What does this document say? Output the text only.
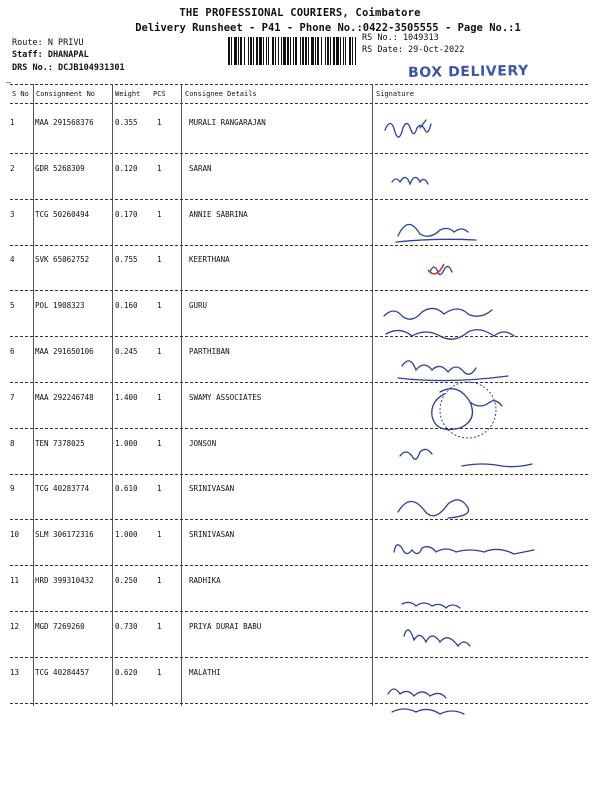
THE PROFESSIONAL COURIERS, Coimbatore
Delivery Runsheet - P41 - Phone No.:0422-3505555 - Page No.:1
Route: N PRIVU
Staff: DHANAPAL
DRS No.: DCJB104931301
RS No.: 1049313
RS Date: 29-Oct-2022
BOX DELIVERY
—
S No Consignment No	Weight PCS	Consignee Details	Signature
1	MAA 291568376	0.355	1	MURALI RANGARAJAN
2	GDR 5268309	0.120	1	SARAN
3	TCG 50260494	0.170	1	ANNIE SABRINA
4	SVK 65062752	0.755	1	KEERTHANA
5	POL 1908323	0.160	1	GURU
6	MAA 291650106	0.245	1	PARTHIBAN
7	MAA 292246748	1.400	1	SWAMY ASSOCIATES
8	TEN 7378025	1.000	1	JONSON
9	TCG 40283774	0.610	1	SRINIVASAN
10 SLM 306172316	1.000	1	SRINIVASAN
11 HRD 399310432	0.250	1	RADHIKA
12 MGD 7269260	0.730	1	PRIYA DURAI BABU
13 TCG 40284457	0.620	1	MALATHI
